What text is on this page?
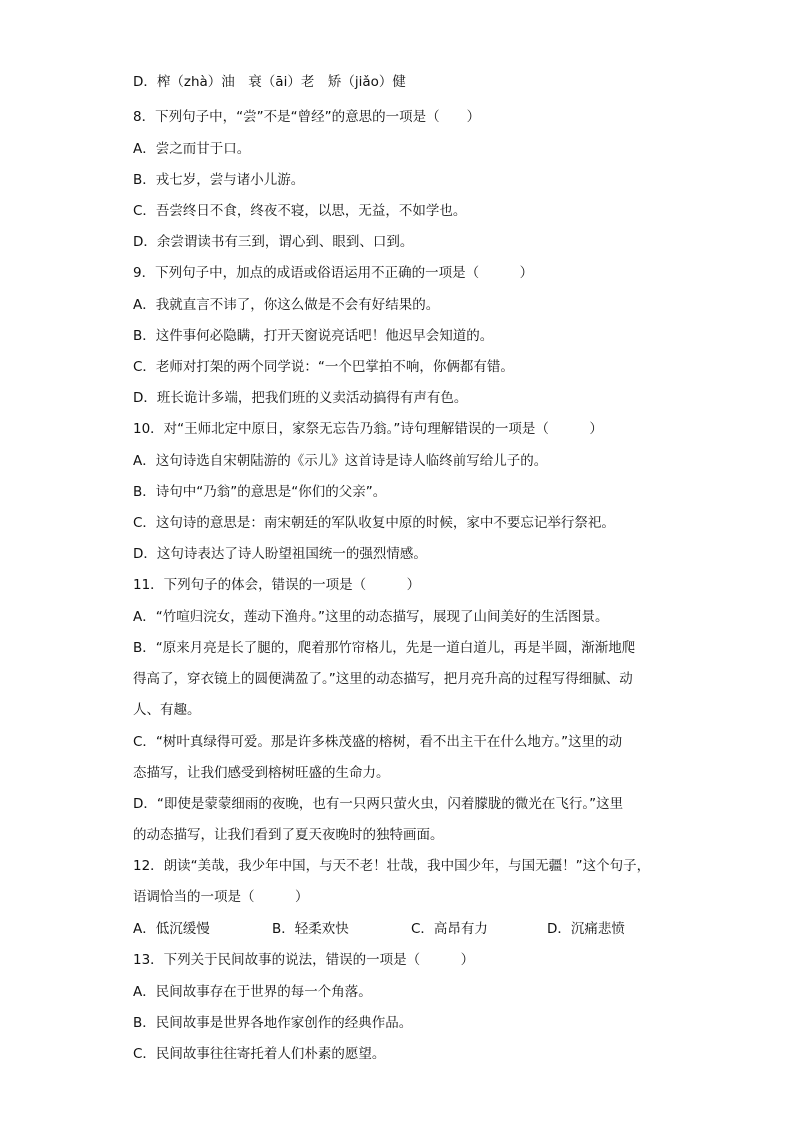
D．榨（zhà）油　衰（āi）老　矫（jiǎo）健
8．下列句子中，“尝”不是“曾经”的意思的一项是（　　）
A．尝之而甘于口。
B．戎七岁，尝与诸小儿游。
C．吾尝终日不食，终夜不寝，以思，无益，不如学也。
D．余尝谓读书有三到，谓心到、眼到、口到。
9．下列句子中，加点的成语或俗语运用不正确的一项是（　　　）
A．我就直言不讳了，你这么做是不会有好结果的。
B．这件事何必隐瞒，打开天窗说亮话吧！他迟早会知道的。
C．老师对打架的两个同学说：“一个巴掌拍不响，你俩都有错。
D．班长诡计多端，把我们班的义卖活动搞得有声有色。
10．对“王师北定中原日，家祭无忘告乃翁。”诗句理解错误的一项是（　　　）
A．这句诗选自宋朝陆游的《示儿》这首诗是诗人临终前写给儿子的。
B．诗句中“乃翁”的意思是“你们的父亲”。
C．这句诗的意思是：南宋朝廷的军队收复中原的时候，家中不要忘记举行祭祀。
D．这句诗表达了诗人盼望祖国统一的强烈情感。
11．下列句子的体会，错误的一项是（　　　）
A．“竹喧归浣女，莲动下渔舟。”这里的动态描写，展现了山间美好的生活图景。
B．“原来月亮是长了腿的，爬着那竹帘格儿，先是一道白道儿，再是半圆，渐渐地爬
得高了，穿衣镜上的圆便满盈了。”这里的动态描写，把月亮升高的过程写得细腻、动
人、有趣。
C．“树叶真绿得可爱。那是许多株茂盛的榕树，看不出主干在什么地方。”这里的动
态描写，让我们感受到榕树旺盛的生命力。
D．“即使是蒙蒙细雨的夜晚，也有一只两只萤火虫，闪着朦胧的微光在飞行。”这里
的动态描写，让我们看到了夏天夜晚时的独特画面。
12．朗读“美哉，我少年中国，与天不老！壮哉，我中国少年，与国无疆！”这个句子，
语调恰当的一项是（　　　）
A．低沉缓慢	B．轻柔欢快	C．高昂有力	D．沉痛悲愤
13．下列关于民间故事的说法，错误的一项是（　　　）
A．民间故事存在于世界的每一个角落。
B．民间故事是世界各地作家创作的经典作品。
C．民间故事往往寄托着人们朴素的愿望。
